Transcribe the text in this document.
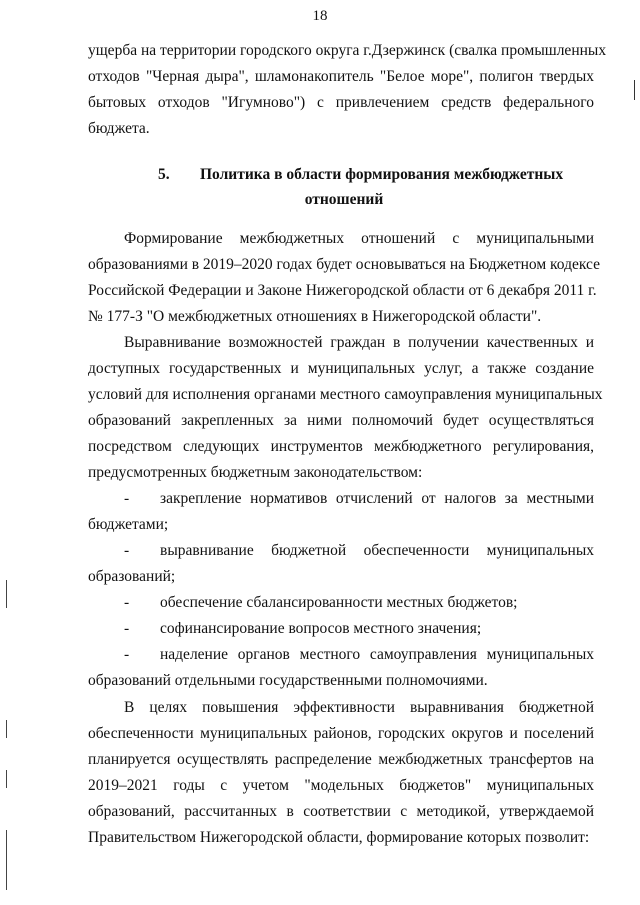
18
ущерба на территории городского округа г.Дзержинск (свалка промышленных
отходов "Черная дыра", шламонакопитель "Белое море", полигон твердых
бытовых отходов "Игумново") с привлечением средств федерального
бюджета.
5. Политика в области формирования межбюджетных
отношений
Формирование межбюджетных отношений с муниципальными
образованиями в 2019–2020 годах будет основываться на Бюджетном кодексе
Российской Федерации и Законе Нижегородской области от 6 декабря 2011 г.
№ 177-З "О межбюджетных отношениях в Нижегородской области".
Выравнивание возможностей граждан в получении качественных и
доступных государственных и муниципальных услуг, а также создание
условий для исполнения органами местного самоуправления муниципальных
образований закрепленных за ними полномочий будет осуществляться
посредством следующих инструментов межбюджетного регулирования,
предусмотренных бюджетным законодательством:
-	закрепление нормативов отчислений от налогов за местными
бюджетами;
-	выравнивание бюджетной обеспеченности муниципальных
образований;
-	обеспечение сбалансированности местных бюджетов;
-	софинансирование вопросов местного значения;
-	наделение органов местного самоуправления муниципальных
образований отдельными государственными полномочиями.
В целях повышения эффективности выравнивания бюджетной
обеспеченности муниципальных районов, городских округов и поселений
планируется осуществлять распределение межбюджетных трансфертов на
2019–2021 годы с учетом "модельных бюджетов" муниципальных
образований, рассчитанных в соответствии с методикой, утверждаемой
Правительством Нижегородской области, формирование которых позволит:
